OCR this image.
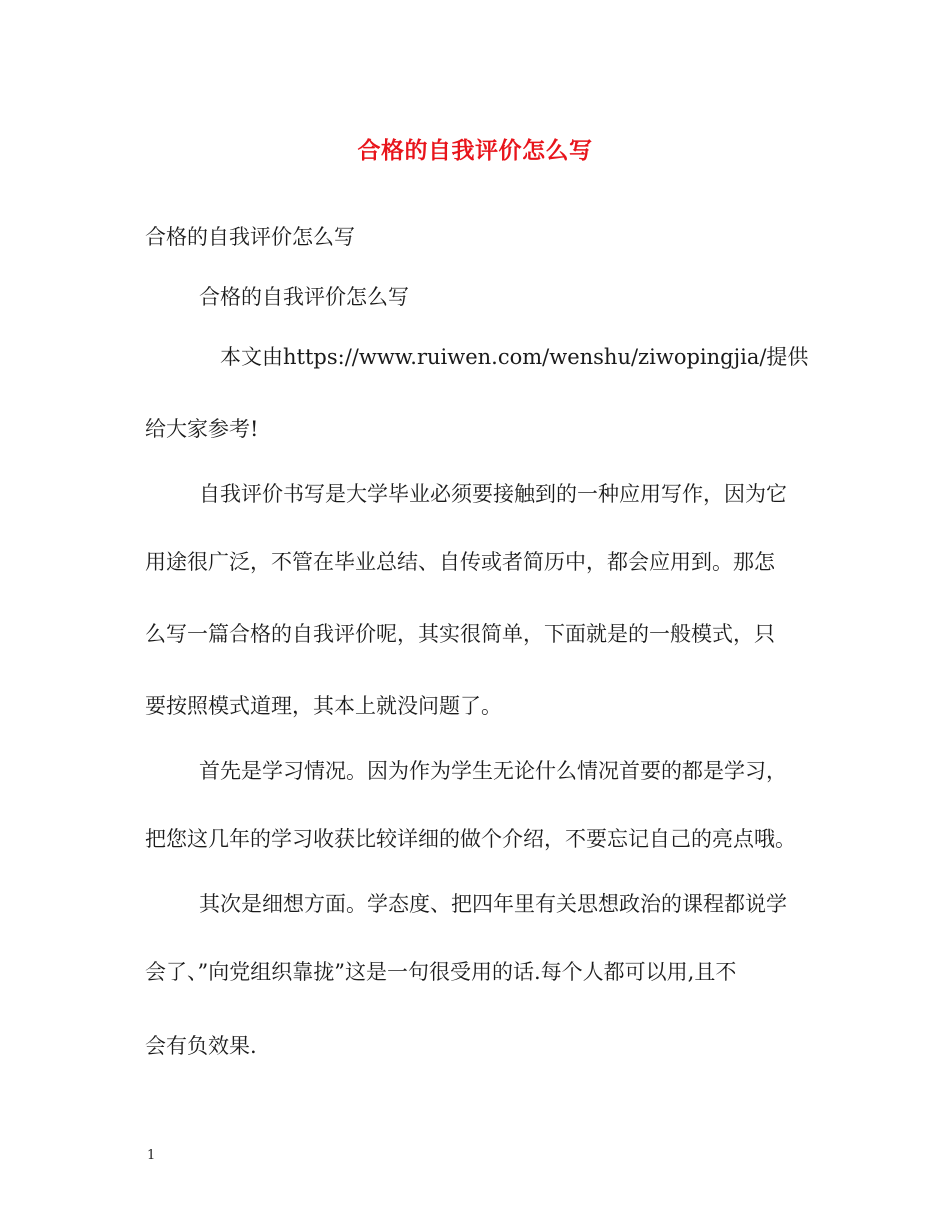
合格的自我评价怎么写
合格的自我评价怎么写
合格的自我评价怎么写
本文由https://www.ruiwen.com/wenshu/ziwopingjia/提供
给大家参考!
自我评价书写是大学毕业必须要接触到的一种应用写作，因为它
用途很广泛，不管在毕业总结、自传或者简历中，都会应用到。那怎
么写一篇合格的自我评价呢，其实很简单，下面就是的一般模式，只
要按照模式道理，其本上就没问题了。
首先是学习情况。因为作为学生无论什么情况首要的都是学习，
把您这几年的学习收获比较详细的做个介绍，不要忘记自己的亮点哦。
其次是细想方面。学态度、把四年里有关思想政治的课程都说学
会了、”向党组织靠拢”这是一句很受用的话.每个人都可以用,且不
会有负效果.
1
